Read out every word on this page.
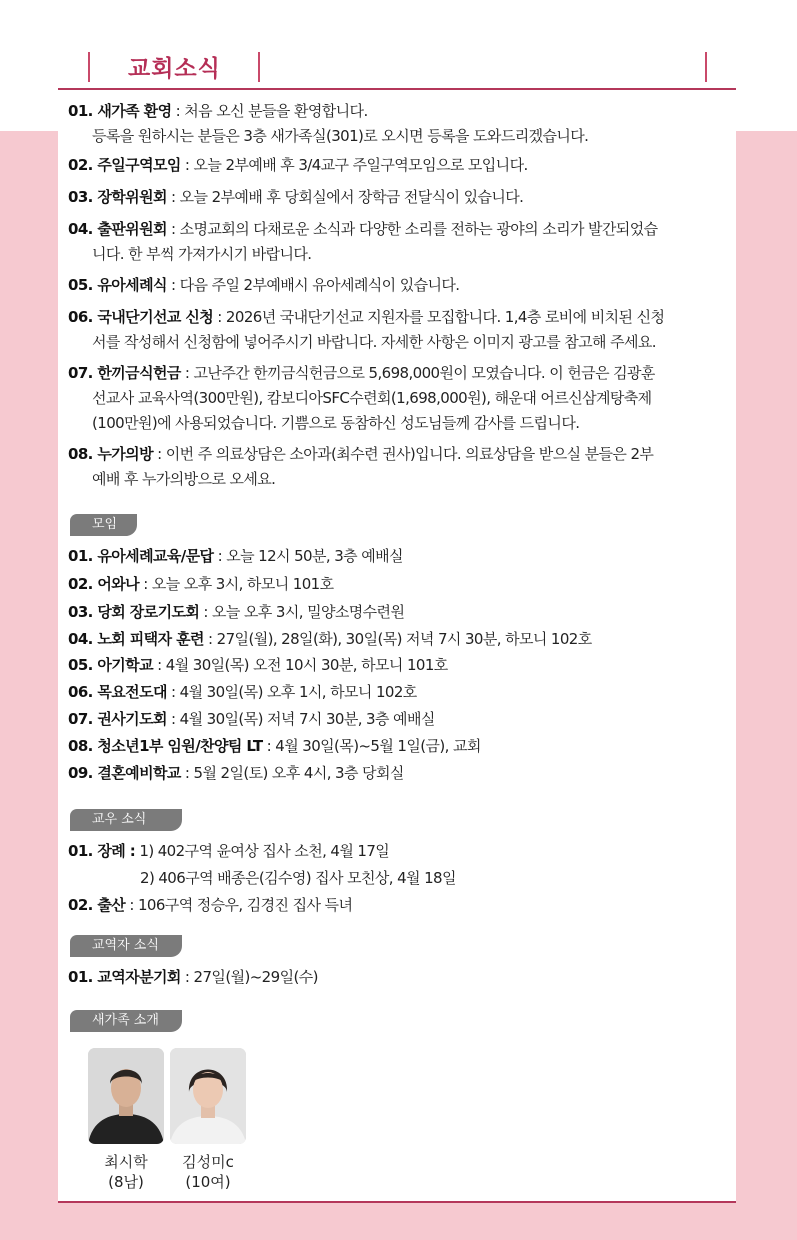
교회소식
01. 새가족 환영 : 처음 오신 분들을 환영합니다.
등록을 원하시는 분들은 3층 새가족실(301)로 오시면 등록을 도와드리겠습니다.
02. 주일구역모임 : 오늘 2부예배 후 3/4교구 주일구역모임으로 모입니다.
03. 장학위원회 : 오늘 2부예배 후 당회실에서 장학금 전달식이 있습니다.
04. 출판위원회 : 소명교회의 다채로운 소식과 다양한 소리를 전하는 광야의 소리가 발간되었습
니다. 한 부씩 가져가시기 바랍니다.
05. 유아세례식 : 다음 주일 2부예배시 유아세례식이 있습니다.
06. 국내단기선교 신청 : 2026년 국내단기선교 지원자를 모집합니다. 1,4층 로비에 비치된 신청
서를 작성해서 신청함에 넣어주시기 바랍니다. 자세한 사항은 이미지 광고를 참고해 주세요.
07. 한끼금식헌금 : 고난주간 한끼금식헌금으로 5,698,000원이 모였습니다. 이 헌금은 김광훈
선교사 교육사역(300만원), 캄보디아SFC수련회(1,698,000원), 해운대 어르신삼계탕축제
(100만원)에 사용되었습니다. 기쁨으로 동참하신 성도님들께 감사를 드립니다.
08. 누가의방 : 이번 주 의료상담은 소아과(최수련 권사)입니다. 의료상담을 받으실 분들은 2부
예배 후 누가의방으로 오세요.
모임
01. 유아세례교육/문답 : 오늘 12시 50분, 3층 예배실
02. 어와나 : 오늘 오후 3시, 하모니 101호
03. 당회 장로기도회 : 오늘 오후 3시, 밀양소명수련원
04. 노회 피택자 훈련 : 27일(월), 28일(화), 30일(목) 저녁 7시 30분, 하모니 102호
05. 아기학교 : 4월 30일(목) 오전 10시 30분, 하모니 101호
06. 목요전도대 : 4월 30일(목) 오후 1시, 하모니 102호
07. 권사기도회 : 4월 30일(목) 저녁 7시 30분, 3층 예배실
08. 청소년1부 임원/찬양팀 LT : 4월 30일(목)~5월 1일(금), 교회
09. 결혼예비학교 : 5월 2일(토) 오후 4시, 3층 당회실
교우 소식
01. 장례 : 1) 402구역 윤여상 집사 소천, 4월 17일
2) 406구역 배종은(김수영) 집사 모친상, 4월 18일
02. 출산 : 106구역 정승우, 김경진 집사 득녀
교역자 소식
01. 교역자분기회 : 27일(월)~29일(수)
새가족 소개
최시학
(8남)
김성미c
(10여)
